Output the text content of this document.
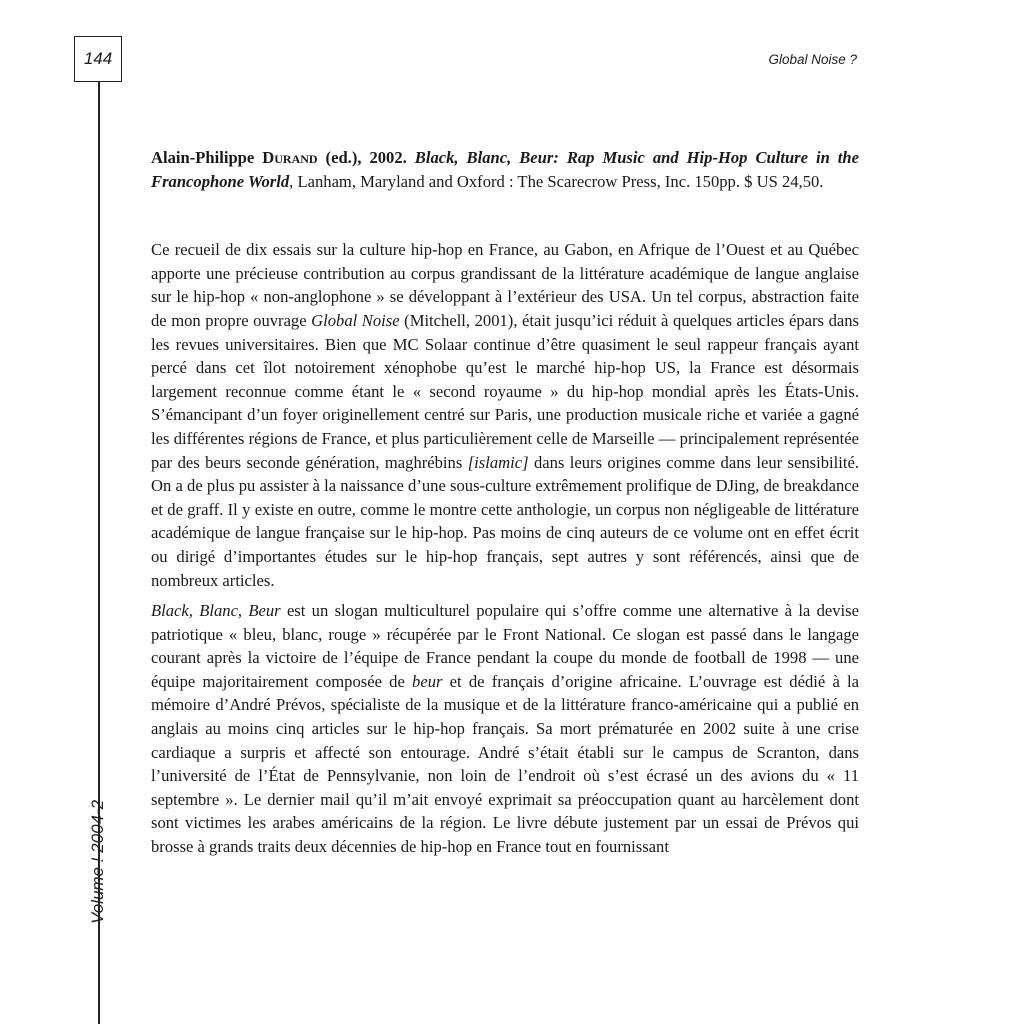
144	Global Noise ?
Volume ! 2004-2

Alain-Philippe Durand (ed.), 2002. Black, Blanc, Beur: Rap Music and Hip-Hop Culture in the Francophone World, Lanham, Maryland and Oxford : The Scarecrow Press, Inc. 150pp. $ US 24,50.

Ce recueil de dix essais sur la culture hip-hop en France, au Gabon, en Afrique de l’Ouest et au Québec apporte une précieuse contribution au corpus grandissant de la littérature académique de langue anglaise sur le hip-hop « non-anglophone » se développant à l’extérieur des USA. Un tel corpus, abstraction faite de mon propre ouvrage Global Noise (Mitchell, 2001), était jusqu’ici réduit à quelques articles épars dans les revues universitaires. Bien que MC Solaar continue d’être quasiment le seul rappeur français ayant percé dans cet îlot notoirement xénophobe qu’est le marché hip-hop US, la France est désormais largement reconnue comme étant le « second royaume » du hip-hop mondial après les États-Unis. S’émancipant d’un foyer originellement centré sur Paris, une production musicale riche et variée a gagné les différentes régions de France, et plus particulièrement celle de Marseille — principalement représentée par des beurs seconde génération, maghrébins [islamic] dans leurs origines comme dans leur sensibilité. On a de plus pu assister à la naissance d’une sous-culture extrêmement prolifique de DJing, de breakdance et de graff. Il y existe en outre, comme le montre cette anthologie, un corpus non négligeable de littérature académique de langue française sur le hip-hop. Pas moins de cinq auteurs de ce volume ont en effet écrit ou dirigé d’importantes études sur le hip-hop français, sept autres y sont référencés, ainsi que de nombreux articles.

Black, Blanc, Beur est un slogan multiculturel populaire qui s’offre comme une alternative à la devise patriotique « bleu, blanc, rouge » récupérée par le Front National. Ce slogan est passé dans le langage courant après la victoire de l’équipe de France pendant la coupe du monde de football de 1998 — une équipe majoritairement composée de beur et de français d’origine africaine. L’ouvrage est dédié à la mémoire d’André Prévos, spécialiste de la musique et de la littérature franco-américaine qui a publié en anglais au moins cinq articles sur le hip-hop français. Sa mort prématurée en 2002 suite à une crise cardiaque a surpris et affecté son entourage. André s’était établi sur le campus de Scranton, dans l’université de l’État de Pennsylvanie, non loin de l’endroit où s’est écrasé un des avions du « 11 septembre ». Le dernier mail qu’il m’ait envoyé exprimait sa préoccupation quant au harcèlement dont sont victimes les arabes américains de la région. Le livre débute justement par un essai de Prévos qui brosse à grands traits deux décennies de hip-hop en France tout en fournissant
